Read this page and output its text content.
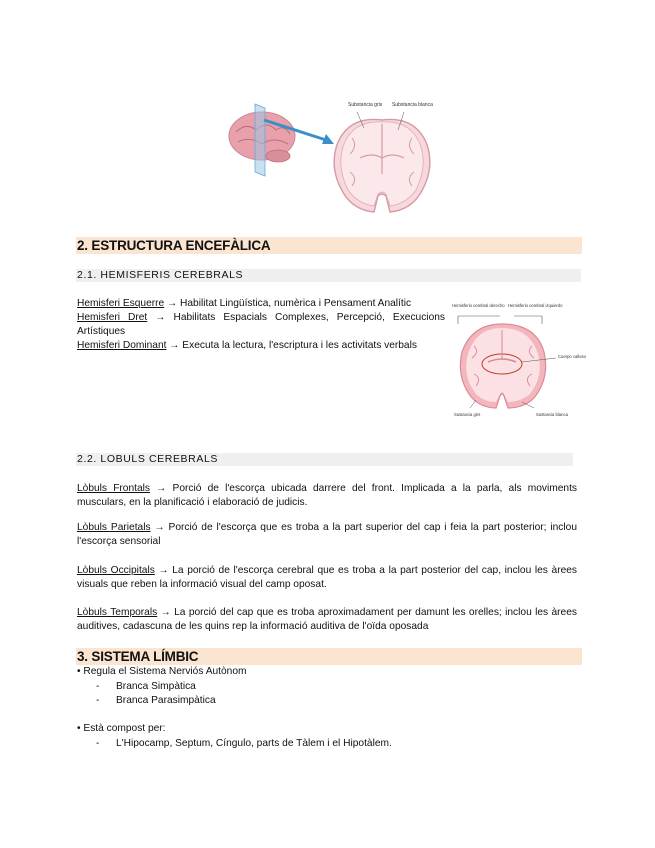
Substancia gris Substancia blanca
2. ESTRUCTURA ENCEFÀLICA
2.1. HEMISFERIS CEREBRALS
Hemisferi Esquerre → Habilitat Lingüística, numèrica i Pensament Analític
Hemisferi Dret → Habilitats Espacials Complexes, Percepció, Execucions Artístiques
Hemisferi Dominant → Executa la lectura, l'escriptura i les activitats verbals
Hemisferio cerebral derecho Hemisferio cerebral izquierdo
Cuerpo calloso
Sustancia gris	Sustancia blanca
2.2. LOBULS CEREBRALS
Lòbuls Frontals → Porció de l'escorça ubicada darrere del front. Implicada a la parla, als moviments musculars, en la planificació i elaboració de judicis.
Lòbuls Parietals → Porció de l'escorça que es troba a la part superior del cap i feia la part posterior; inclou l'escorça sensorial
Lòbuls Occipitals → La porció de l'escorça cerebral que es troba a la part posterior del cap, inclou les àrees visuals que reben la informació visual del camp oposat.
Lòbuls Temporals → La porció del cap que es troba aproximadament per damunt les orelles; inclou les àrees auditives, cadascuna de les quins rep la informació auditiva de l'oïda oposada
3. SISTEMA LÍMBIC
• Regula el Sistema Nerviós Autònom
- Branca Simpàtica
- Branca Parasimpàtica
• Està compost per:
- L'Hipocamp, Septum, Cíngulo, parts de Tàlem i el Hipotàlem.
